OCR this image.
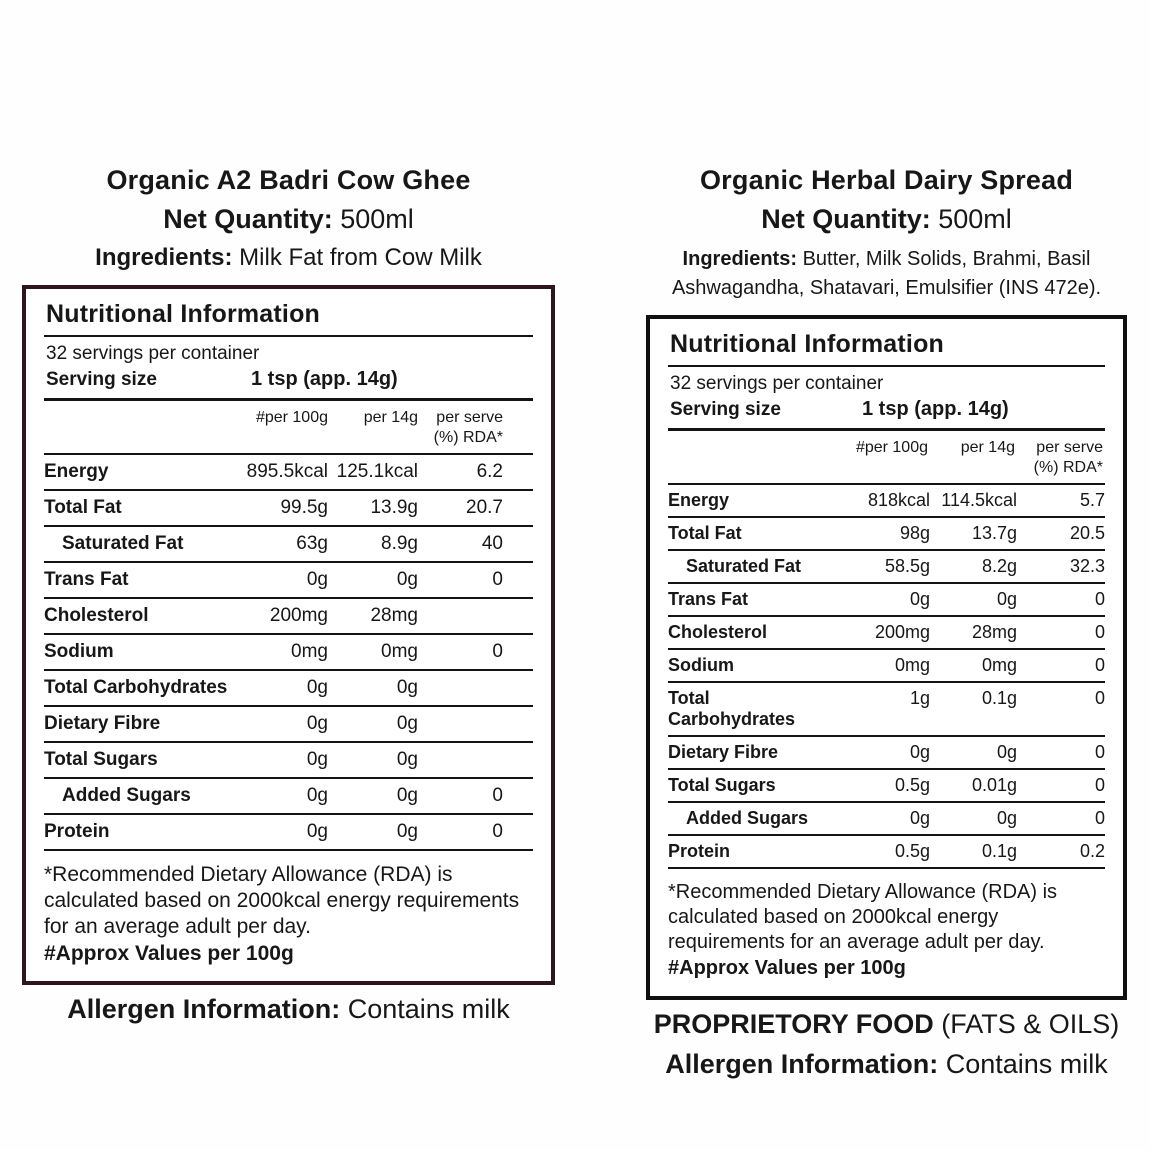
Organic A2 Badri Cow Ghee
Net Quantity: 500ml
Ingredients: Milk Fat from Cow Milk
Nutritional Information
32 servings per container
Serving size	1 tsp (app. 14g)
#per 100g	per 14g	per serve
(%) RDA*
Energy	895.5kcal 125.1kcal	6.2
Total Fat	99.5g	13.9g	20.7
Saturated Fat	63g	8.9g	40
Trans Fat	0g	0g	0
Cholesterol	200mg	28mg
Sodium	0mg	0mg	0
Total Carbohydrates	0g	0g
Dietary Fibre	0g	0g
Total Sugars	0g	0g
Added Sugars	0g	0g	0
Protein	0g	0g	0
*Recommended Dietary Allowance (RDA) is calculated based on 2000kcal energy requirements for an average adult per day.
#Approx Values per 100g
Allergen Information: Contains milk
Organic Herbal Dairy Spread
Net Quantity: 500ml
Ingredients: Butter, Milk Solids, Brahmi, Basil Ashwagandha, Shatavari, Emulsifier (INS 472e).
Nutritional Information
32 servings per container
Serving size	1 tsp (app. 14g)
#per 100g	per 14g	per serve
(%) RDA*
Energy	818kcal 114.5kcal	5.7
Total Fat	98g	13.7g	20.5
Saturated Fat	58.5g	8.2g	32.3
Trans Fat	0g	0g	0
Cholesterol	200mg	28mg	0
Sodium	0mg	0mg	0
Total Carbohydrates
1g	0.1g	0
Dietary Fibre	0g	0g	0
Total Sugars	0.5g	0.01g	0
Added Sugars	0g	0g	0
Protein	0.5g	0.1g	0.2
*Recommended Dietary Allowance (RDA) is calculated based on 2000kcal energy requirements for an average adult per day.
#Approx Values per 100g
PROPRIETORY FOOD (FATS & OILS)
Allergen Information: Contains milk
